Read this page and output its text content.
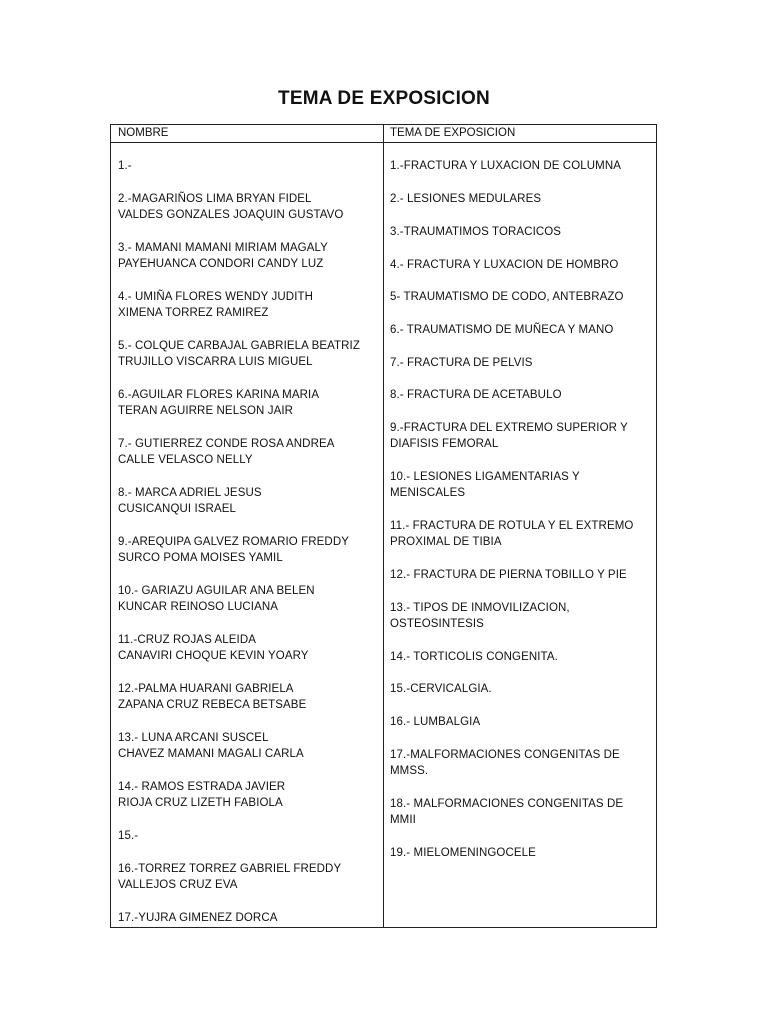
TEMA DE EXPOSICION
NOMBRE	TEMA DE EXPOSICION
1.-
2.-MAGARIÑOS LIMA BRYAN FIDEL
VALDES GONZALES JOAQUIN GUSTAVO
3.- MAMANI MAMANI MIRIAM MAGALY
PAYEHUANCA CONDORI CANDY LUZ
4.- UMIÑA FLORES WENDY JUDITH
XIMENA TORREZ RAMIREZ
5.- COLQUE CARBAJAL GABRIELA BEATRIZ
TRUJILLO VISCARRA LUIS MIGUEL
6.-AGUILAR FLORES KARINA MARIA
TERAN AGUIRRE NELSON JAIR
7.- GUTIERREZ CONDE ROSA ANDREA
CALLE VELASCO NELLY
8.- MARCA ADRIEL JESUS
CUSICANQUI ISRAEL
9.-AREQUIPA GALVEZ ROMARIO FREDDY
SURCO POMA MOISES YAMIL
10.- GARIAZU AGUILAR ANA BELEN
KUNCAR REINOSO LUCIANA
11.-CRUZ ROJAS ALEIDA
CANAVIRI CHOQUE KEVIN YOARY
12.-PALMA HUARANI GABRIELA
ZAPANA CRUZ REBECA BETSABE
13.- LUNA ARCANI SUSCEL
CHAVEZ MAMANI MAGALI CARLA
14.- RAMOS ESTRADA JAVIER
RIOJA CRUZ LIZETH FABIOLA
15.-
16.-TORREZ TORREZ GABRIEL FREDDY
VALLEJOS CRUZ EVA
17.-YUJRA GIMENEZ DORCA
1.-FRACTURA Y LUXACION DE COLUMNA
2.- LESIONES MEDULARES
3.-TRAUMATIMOS TORACICOS
4.- FRACTURA Y LUXACION DE HOMBRO
5- TRAUMATISMO DE CODO, ANTEBRAZO
6.- TRAUMATISMO DE MUÑECA Y MANO
7.- FRACTURA DE PELVIS
8.- FRACTURA DE ACETABULO
9.-FRACTURA DEL EXTREMO SUPERIOR Y
DIAFISIS FEMORAL
10.- LESIONES LIGAMENTARIAS Y
MENISCALES
11.- FRACTURA DE ROTULA Y EL EXTREMO
PROXIMAL DE TIBIA
12.- FRACTURA DE PIERNA TOBILLO Y PIE
13.- TIPOS DE INMOVILIZACION,
OSTEOSINTESIS
14.- TORTICOLIS CONGENITA.
15.-CERVICALGIA.
16.- LUMBALGIA
17.-MALFORMACIONES CONGENITAS DE
MMSS.
18.- MALFORMACIONES CONGENITAS DE
MMII
19.- MIELOMENINGOCELE
